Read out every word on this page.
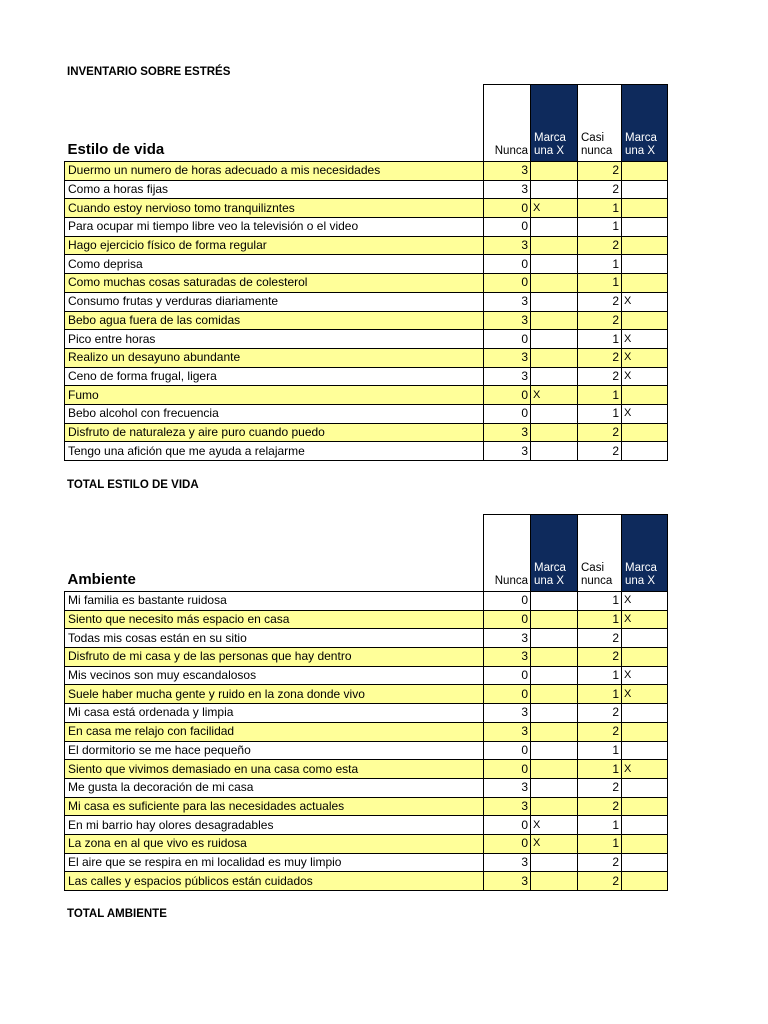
INVENTARIO SOBRE ESTRÉS
Estilo de vida	Nunca	Marca una X	Casi nunca	Marca una X
Duermo un numero de horas adecuado a mis necesidades	3		2	
Como a horas fijas	3		2	
Cuando estoy nervioso tomo tranquiliznte‍s	0	X	1	
Para ocupar mi tiempo libre veo la televisión o el video	0		1	
Hago ejercicio físico de forma regular	3		2	
Como deprisa	0		1	
Como muchas cosas saturadas de colesterol	0		1	
Consumo frutas y verduras diariamente	3		2	X
Bebo agua fuera de las comidas	3		2	
Pico entre horas	0		1	X
Realizo un desayuno abundante	3		2	X
Ceno de forma frugal, ligera	3		2	X
Fumo	0	X	1	
Bebo alcohol con frecuencia	0		1	X
Disfruto de naturaleza y aire puro cuando puedo	3		2	
Tengo una afición que me ayuda a relajarme	3		2	
TOTAL ESTILO DE VIDA
Ambiente	Nunca	Marca una X	Casi nunca	Marca una X
Mi familia es bastante ruidosa	0		1	X
Siento que necesito más espacio en casa	0		1	X
Todas mis cosas están en su sitio	3		2	
Disfruto de mi casa y de las personas que hay dentro	3		2	
Mis vecinos son muy escandalosos	0		1	X
Suele haber mucha gente y ruido en la zona donde vivo	0		1	X
Mi casa está ordenada y limpia	3		2	
En casa me relajo con facilidad	3		2	
El dormitorio se me hace pequeño	0		1	
Siento que vivimos demasiado en una casa como esta	0		1	X
Me gusta la decoración de mi casa	3		2	
Mi casa es suficiente para las necesidades actuales	3		2	
En mi barrio hay olores desagradables	0	X	1	
La zona en al que vivo es ruidosa	0	X	1	
El aire que se respira en mi localidad es muy limpio	3		2	
Las calles y espacios públicos están cuidados	3		2	
TOTAL AMBIENTE
